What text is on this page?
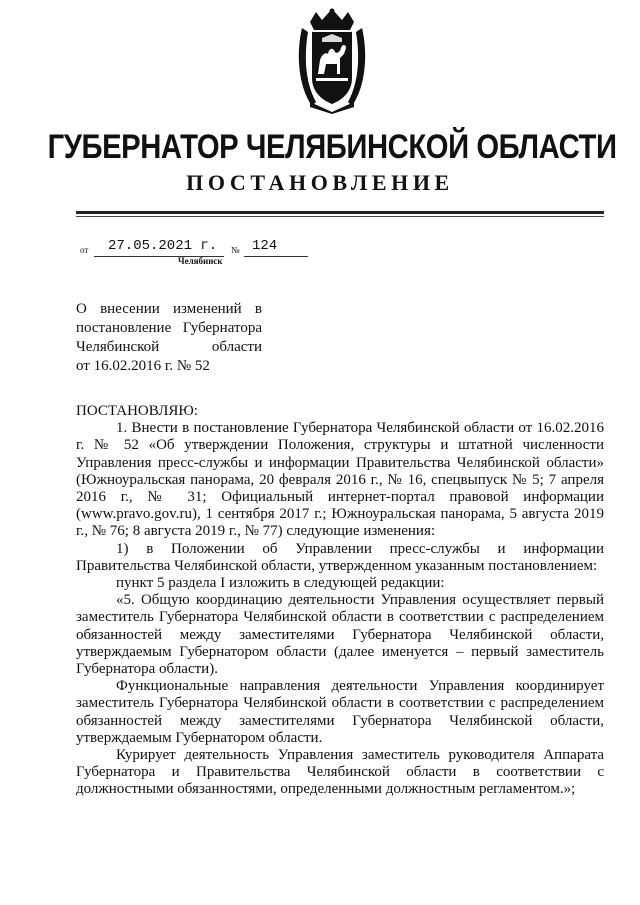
ГУБЕРНАТОР ЧЕЛЯБИНСКОЙ ОБЛАСТИ
ПОСТАНОВЛЕНИЕ
от 27.05.2021 г. № 124
Челябинск
О внесении изменений в
постановление Губернатора
Челябинской области
от 16.02.2016 г. № 52

ПОСТАНОВЛЯЮ:

1. Внести в постановление Губернатора Челябинской области от 16.02.2016 г. № 52 «Об утверждении Положения, структуры и штатной численности Управления пресс-службы и информации Правительства Челябинской области» (Южноуральская панорама, 20 февраля 2016 г., № 16, спецвыпуск № 5; 7 апреля 2016 г., № 31; Официальный интернет-портал правовой информации (www.pravo.gov.ru), 1 сентября 2017 г.; Южноуральская панорама, 5 августа 2019 г., № 76; 8 августа 2019 г., № 77) следующие изменения:

1) в Положении об Управлении пресс-службы и информации Правительства Челябинской области, утвержденном указанным постановлением:

пункт 5 раздела I изложить в следующей редакции:

«5. Общую координацию деятельности Управления осуществляет первый заместитель Губернатора Челябинской области в соответствии с распределением обязанностей между заместителями Губернатора Челябинской области, утверждаемым Губернатором области (далее именуется – первый заместитель Губернатора области).

Функциональные направления деятельности Управления координирует заместитель Губернатора Челябинской области в соответствии с распределением обязанностей между заместителями Губернатора Челябинской области, утверждаемым Губернатором области.

Курирует деятельность Управления заместитель руководителя Аппарата Губернатора и Правительства Челябинской области в соответствии с должностными обязанностями, определенными должностным регламентом.»;
